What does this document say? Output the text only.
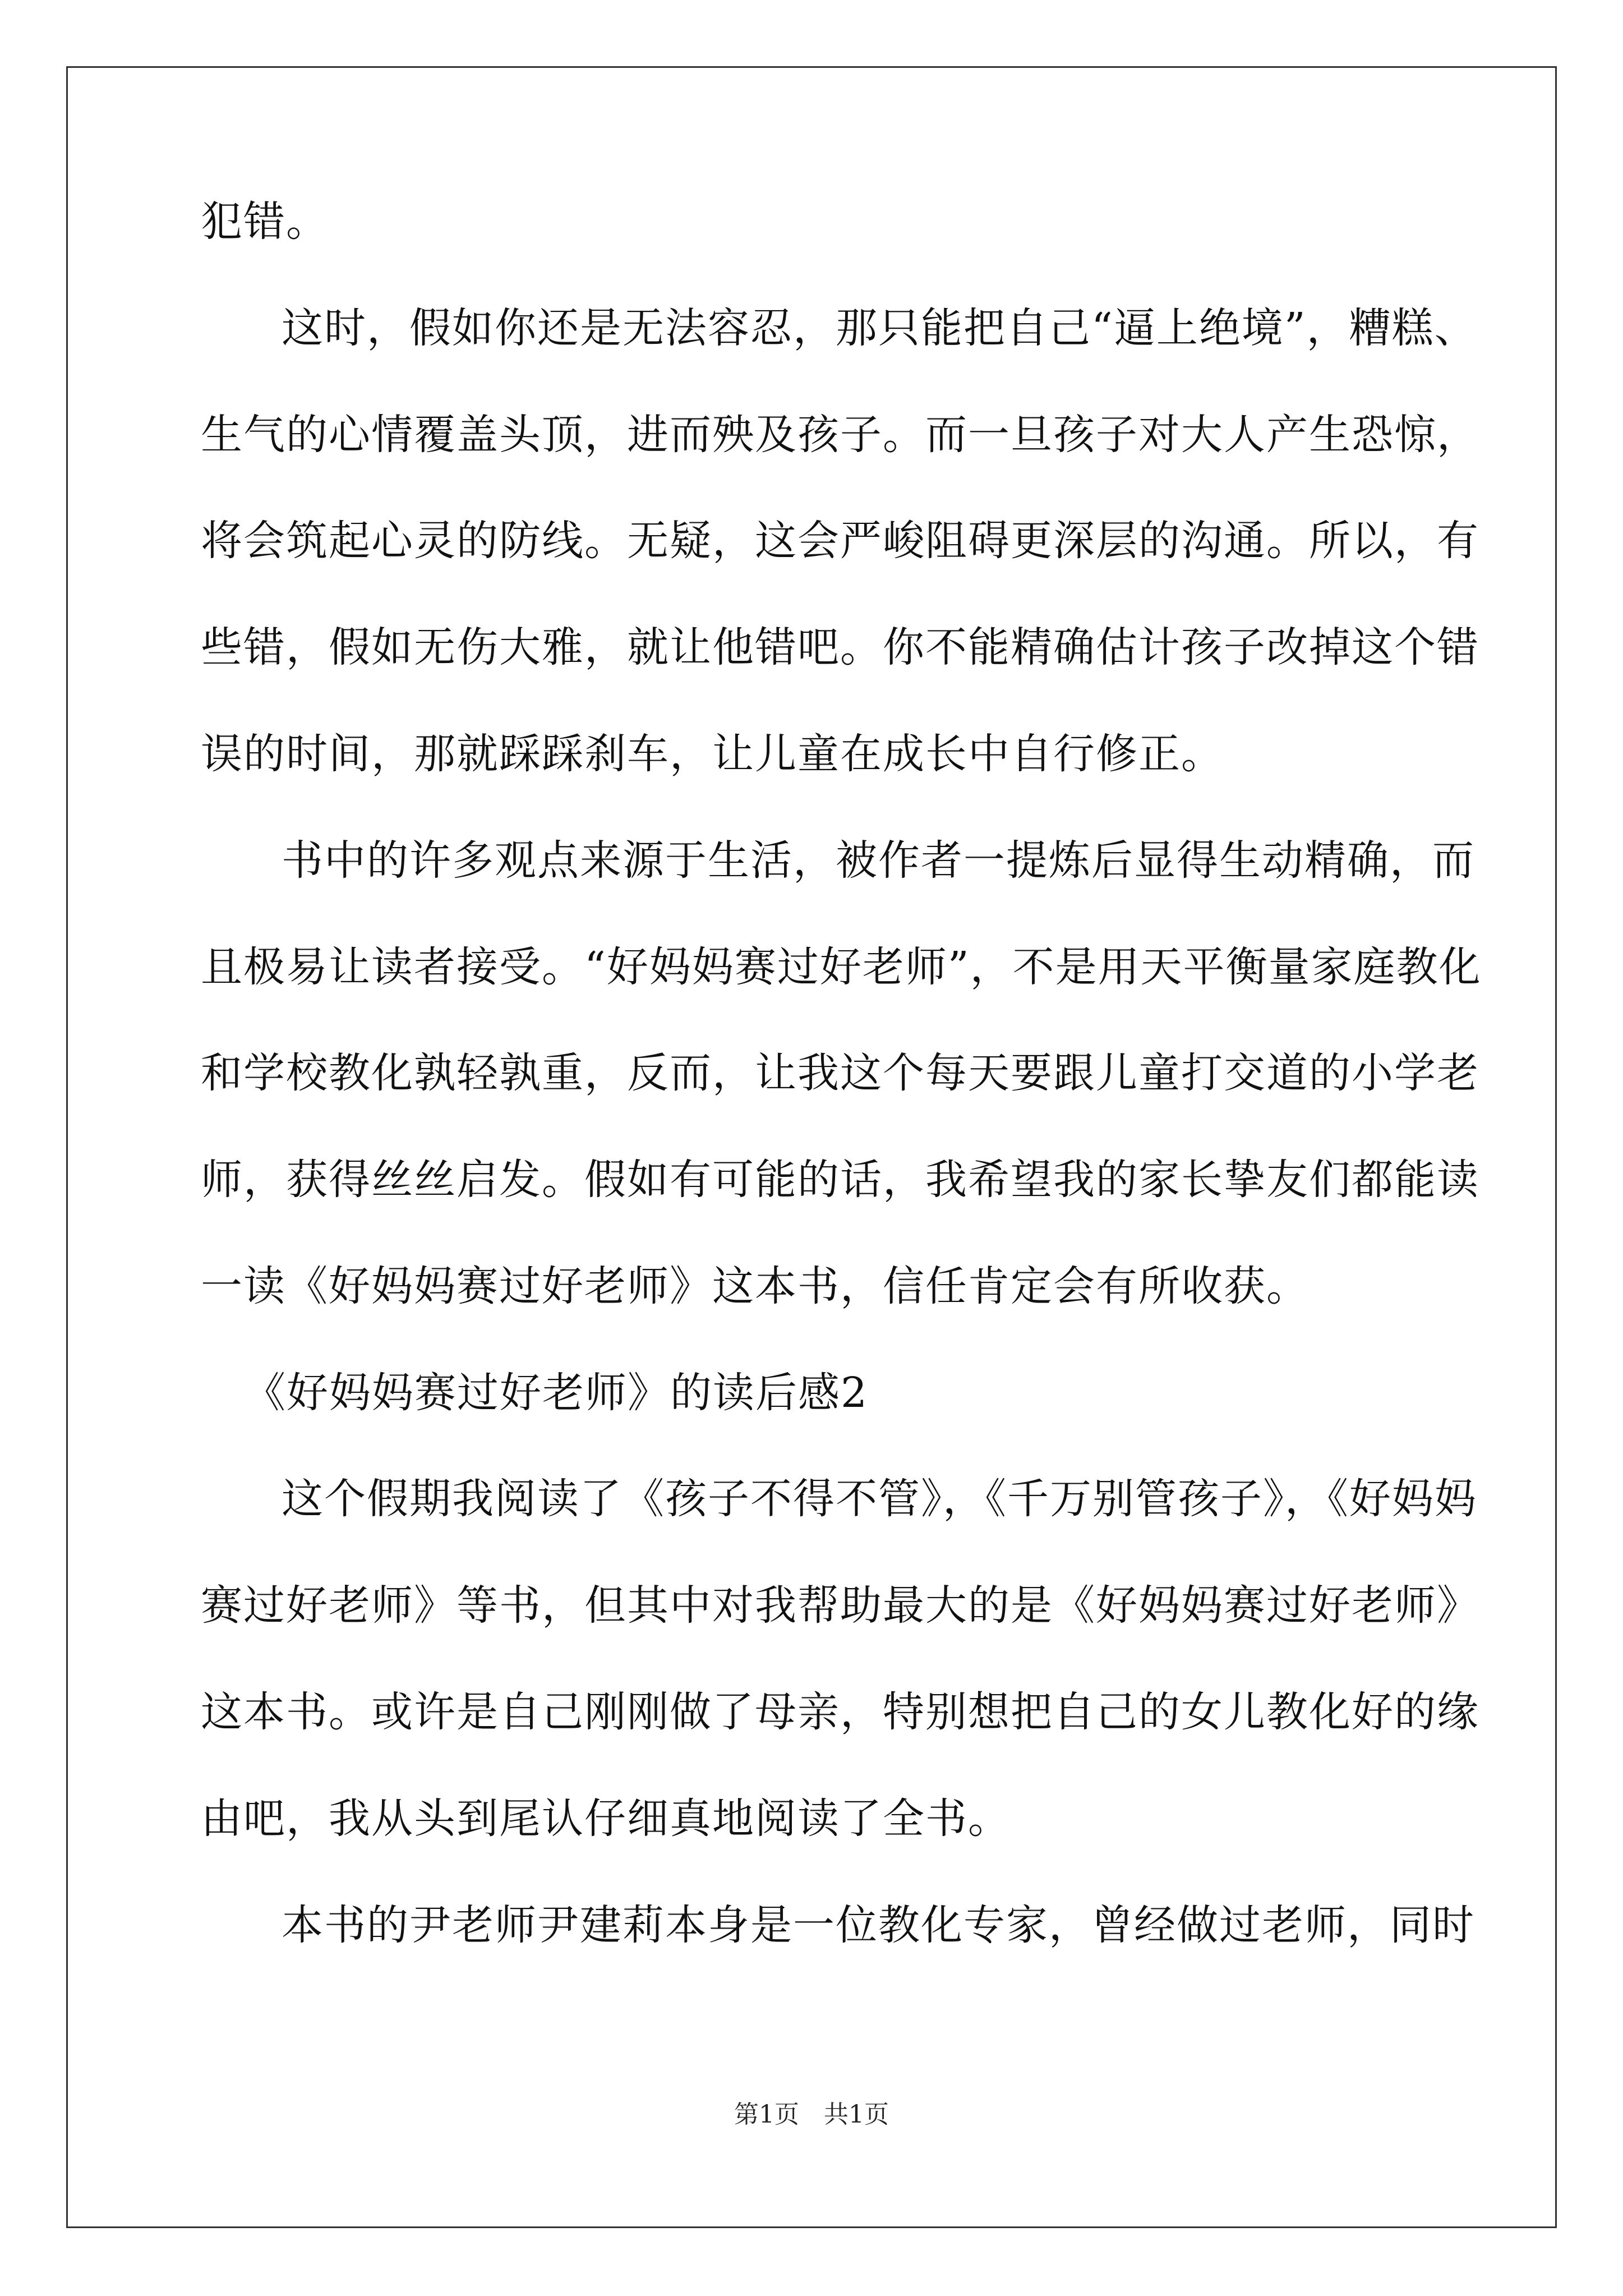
犯错。
这时，假如你还是无法容忍，那只能把自己“逼上绝境”，糟糕、
生气的心情覆盖头顶，进而殃及孩子。而一旦孩子对大人产生恐惊，
将会筑起心灵的防线。无疑，这会严峻阻碍更深层的沟通。所以，有
些错，假如无伤大雅，就让他错吧。你不能精确估计孩子改掉这个错
误的时间，那就踩踩刹车，让儿童在成长中自行修正。
书中的许多观点来源于生活，被作者一提炼后显得生动精确，而
且极易让读者接受。“好妈妈赛过好老师”，不是用天平衡量家庭教化
和学校教化孰轻孰重，反而，让我这个每天要跟儿童打交道的小学老
师，获得丝丝启发。假如有可能的话，我希望我的家长挚友们都能读
一读《好妈妈赛过好老师》这本书，信任肯定会有所收获。
《好妈妈赛过好老师》的读后感2
这个假期我阅读了《孩子不得不管》，《千万别管孩子》，《好妈妈
赛过好老师》等书，但其中对我帮助最大的是《好妈妈赛过好老师》
这本书。或许是自己刚刚做了母亲，特别想把自己的女儿教化好的缘
由吧，我从头到尾认仔细真地阅读了全书。
本书的尹老师尹建莉本身是一位教化专家，曾经做过老师，同时
第1页　共1页
